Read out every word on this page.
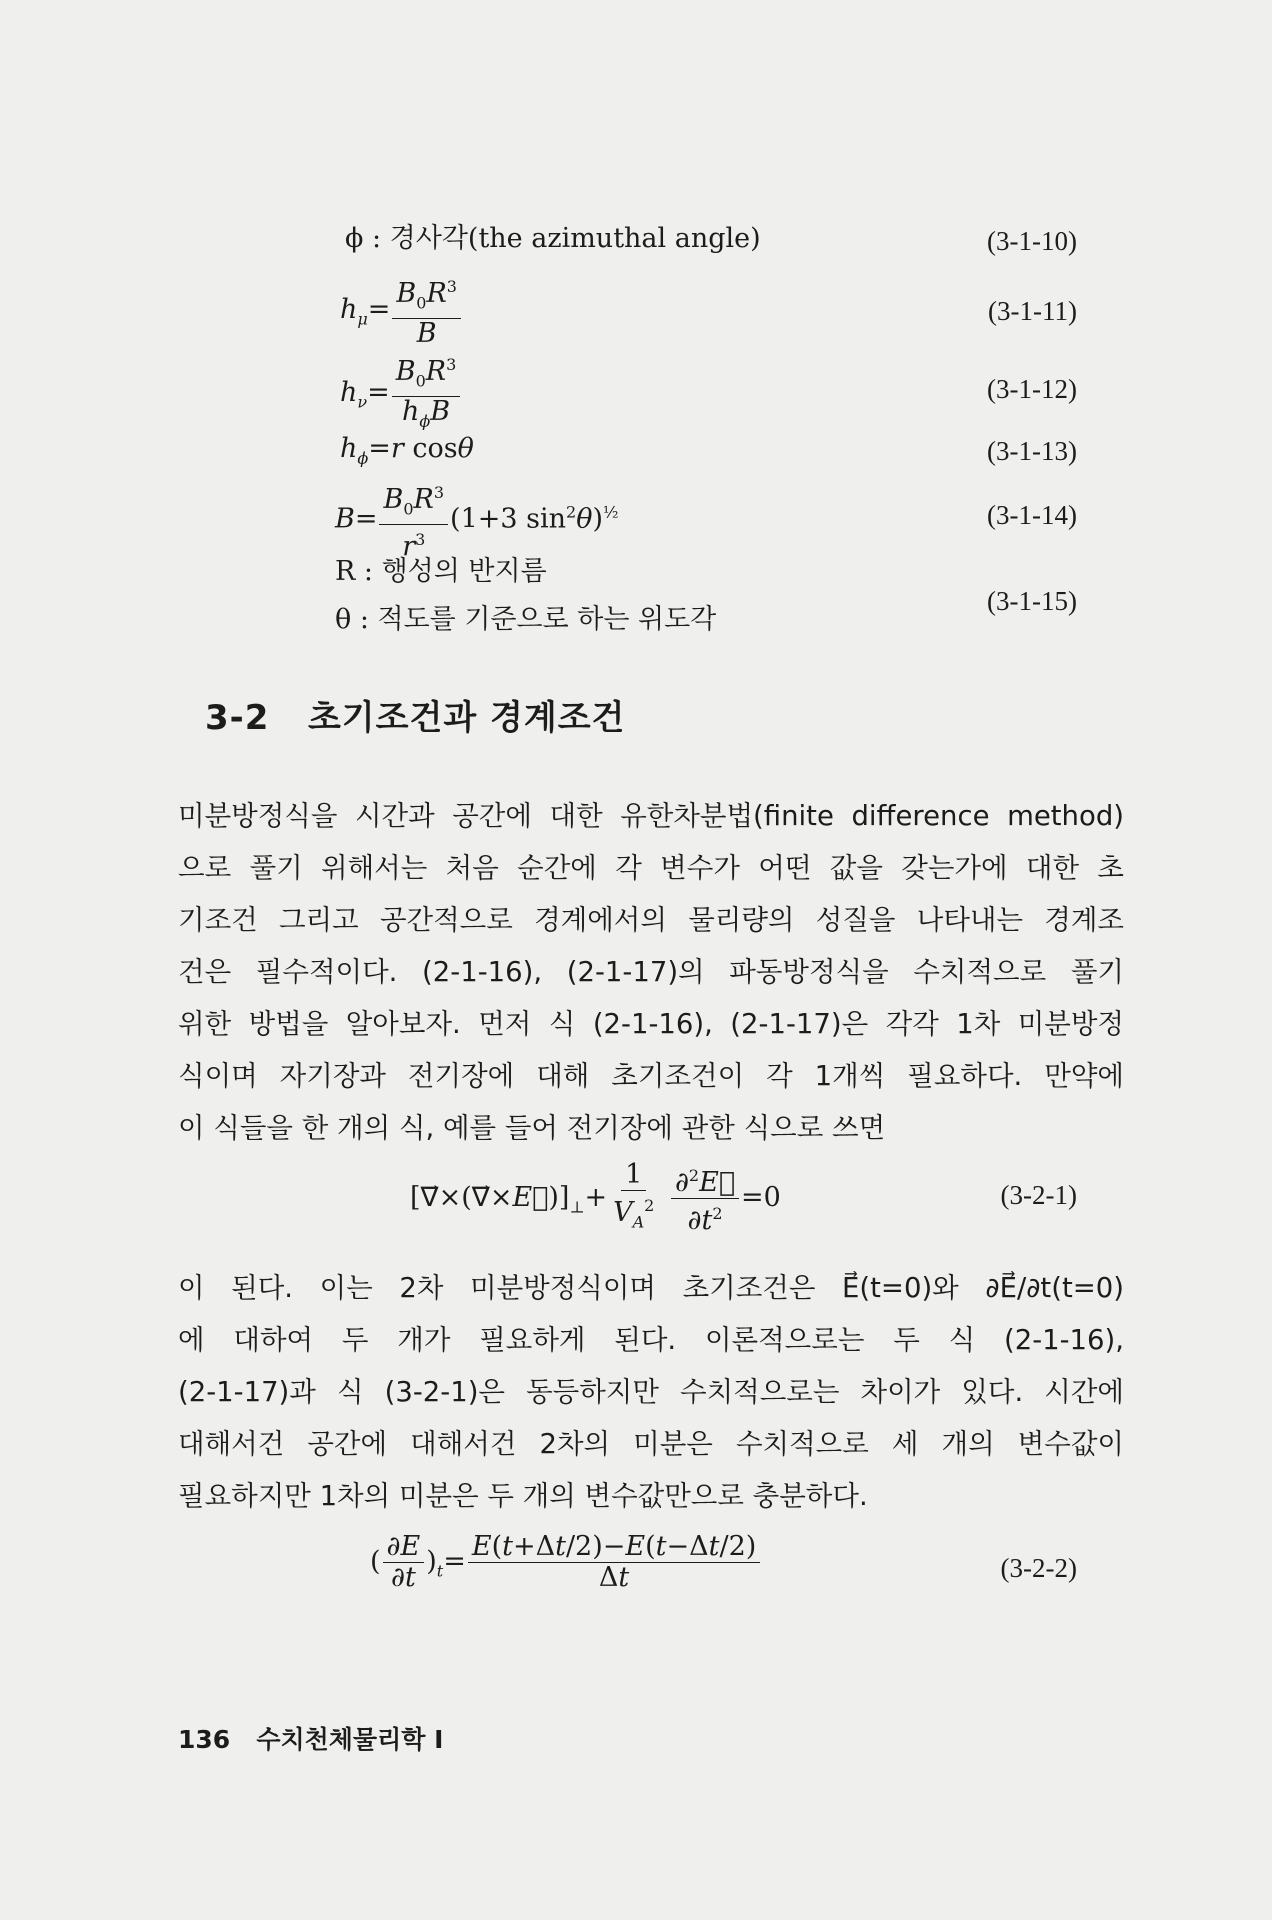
ϕ : 경사각(the azimuthal angle)	(3-1-10)
$h_\mu= \frac{B_0R^3}{B}$	(3-1-11)
$h_\nu= \frac{B_0R^3}{h_\phi B}$	(3-1-12)
$h_\phi=r$ cosθ	(3-1-13)
$B= \frac{B_0R^3}{r^3} (1+3$ $\sin^2\theta)^{\frac{1}{2}}$	(3-1-14)
R : 행성의 반지름
θ : 적도를 기준으로 하는 위도각
(3-1-15)
3-2 초기조건과 경계조건
미분방정식을 시간과 공간에 대한 유한차분법(finite difference method)
으로 풀기 위해서는 처음 순간에 각 변수가 어떤 값을 갖는가에 대한 초
기조건 그리고 공간적으로 경계에서의 물리량의 성질을 나타내는 경계조
건은 필수적이다. (2-1-16), (2-1-17)의 파동방정식을 수치적으로 풀기
위한 방법을 알아보자. 먼저 식 (2-1-16), (2-1-17)은 각각 1차 미분방정
식이며 자기장과 전기장에 대해 초기조건이 각 1개씩 필요하다. 만약에
이 식들을 한 개의 식, 예를 들어 전기장에 관한 식으로 쓰면
$[\nabla⃗\times(\nabla⃗\times E⃗)]_\perp+ \frac{1}{V_A^2}$
$\frac{\partial^2E⃗}{\partial t^2} =0$	(3-2-1)
이 된다. 이는 2차 미분방정식이며 초기조건은 E⃗(t=0)와 ∂E⃗/∂t(t=0)
에 대하여 두 개가 필요하게 된다. 이론적으로는 두 식 (2-1-16),
(2-1-17)과 식 (3-2-1)은 동등하지만 수치적으로는 차이가 있다. 시간에
대해서건 공간에 대해서건 2차의 미분은 수치적으로 세 개의 변수값이
필요하지만 1차의 미분은 두 개의 변수값만으로 충분하다.
( $\frac{\partial E}{\partial t} )_t= \frac{E(t+\Delta t/2)-E(t-\Delta t/2)}{\Delta t}$	(3-2-2)
136 수치천체물리학 I
